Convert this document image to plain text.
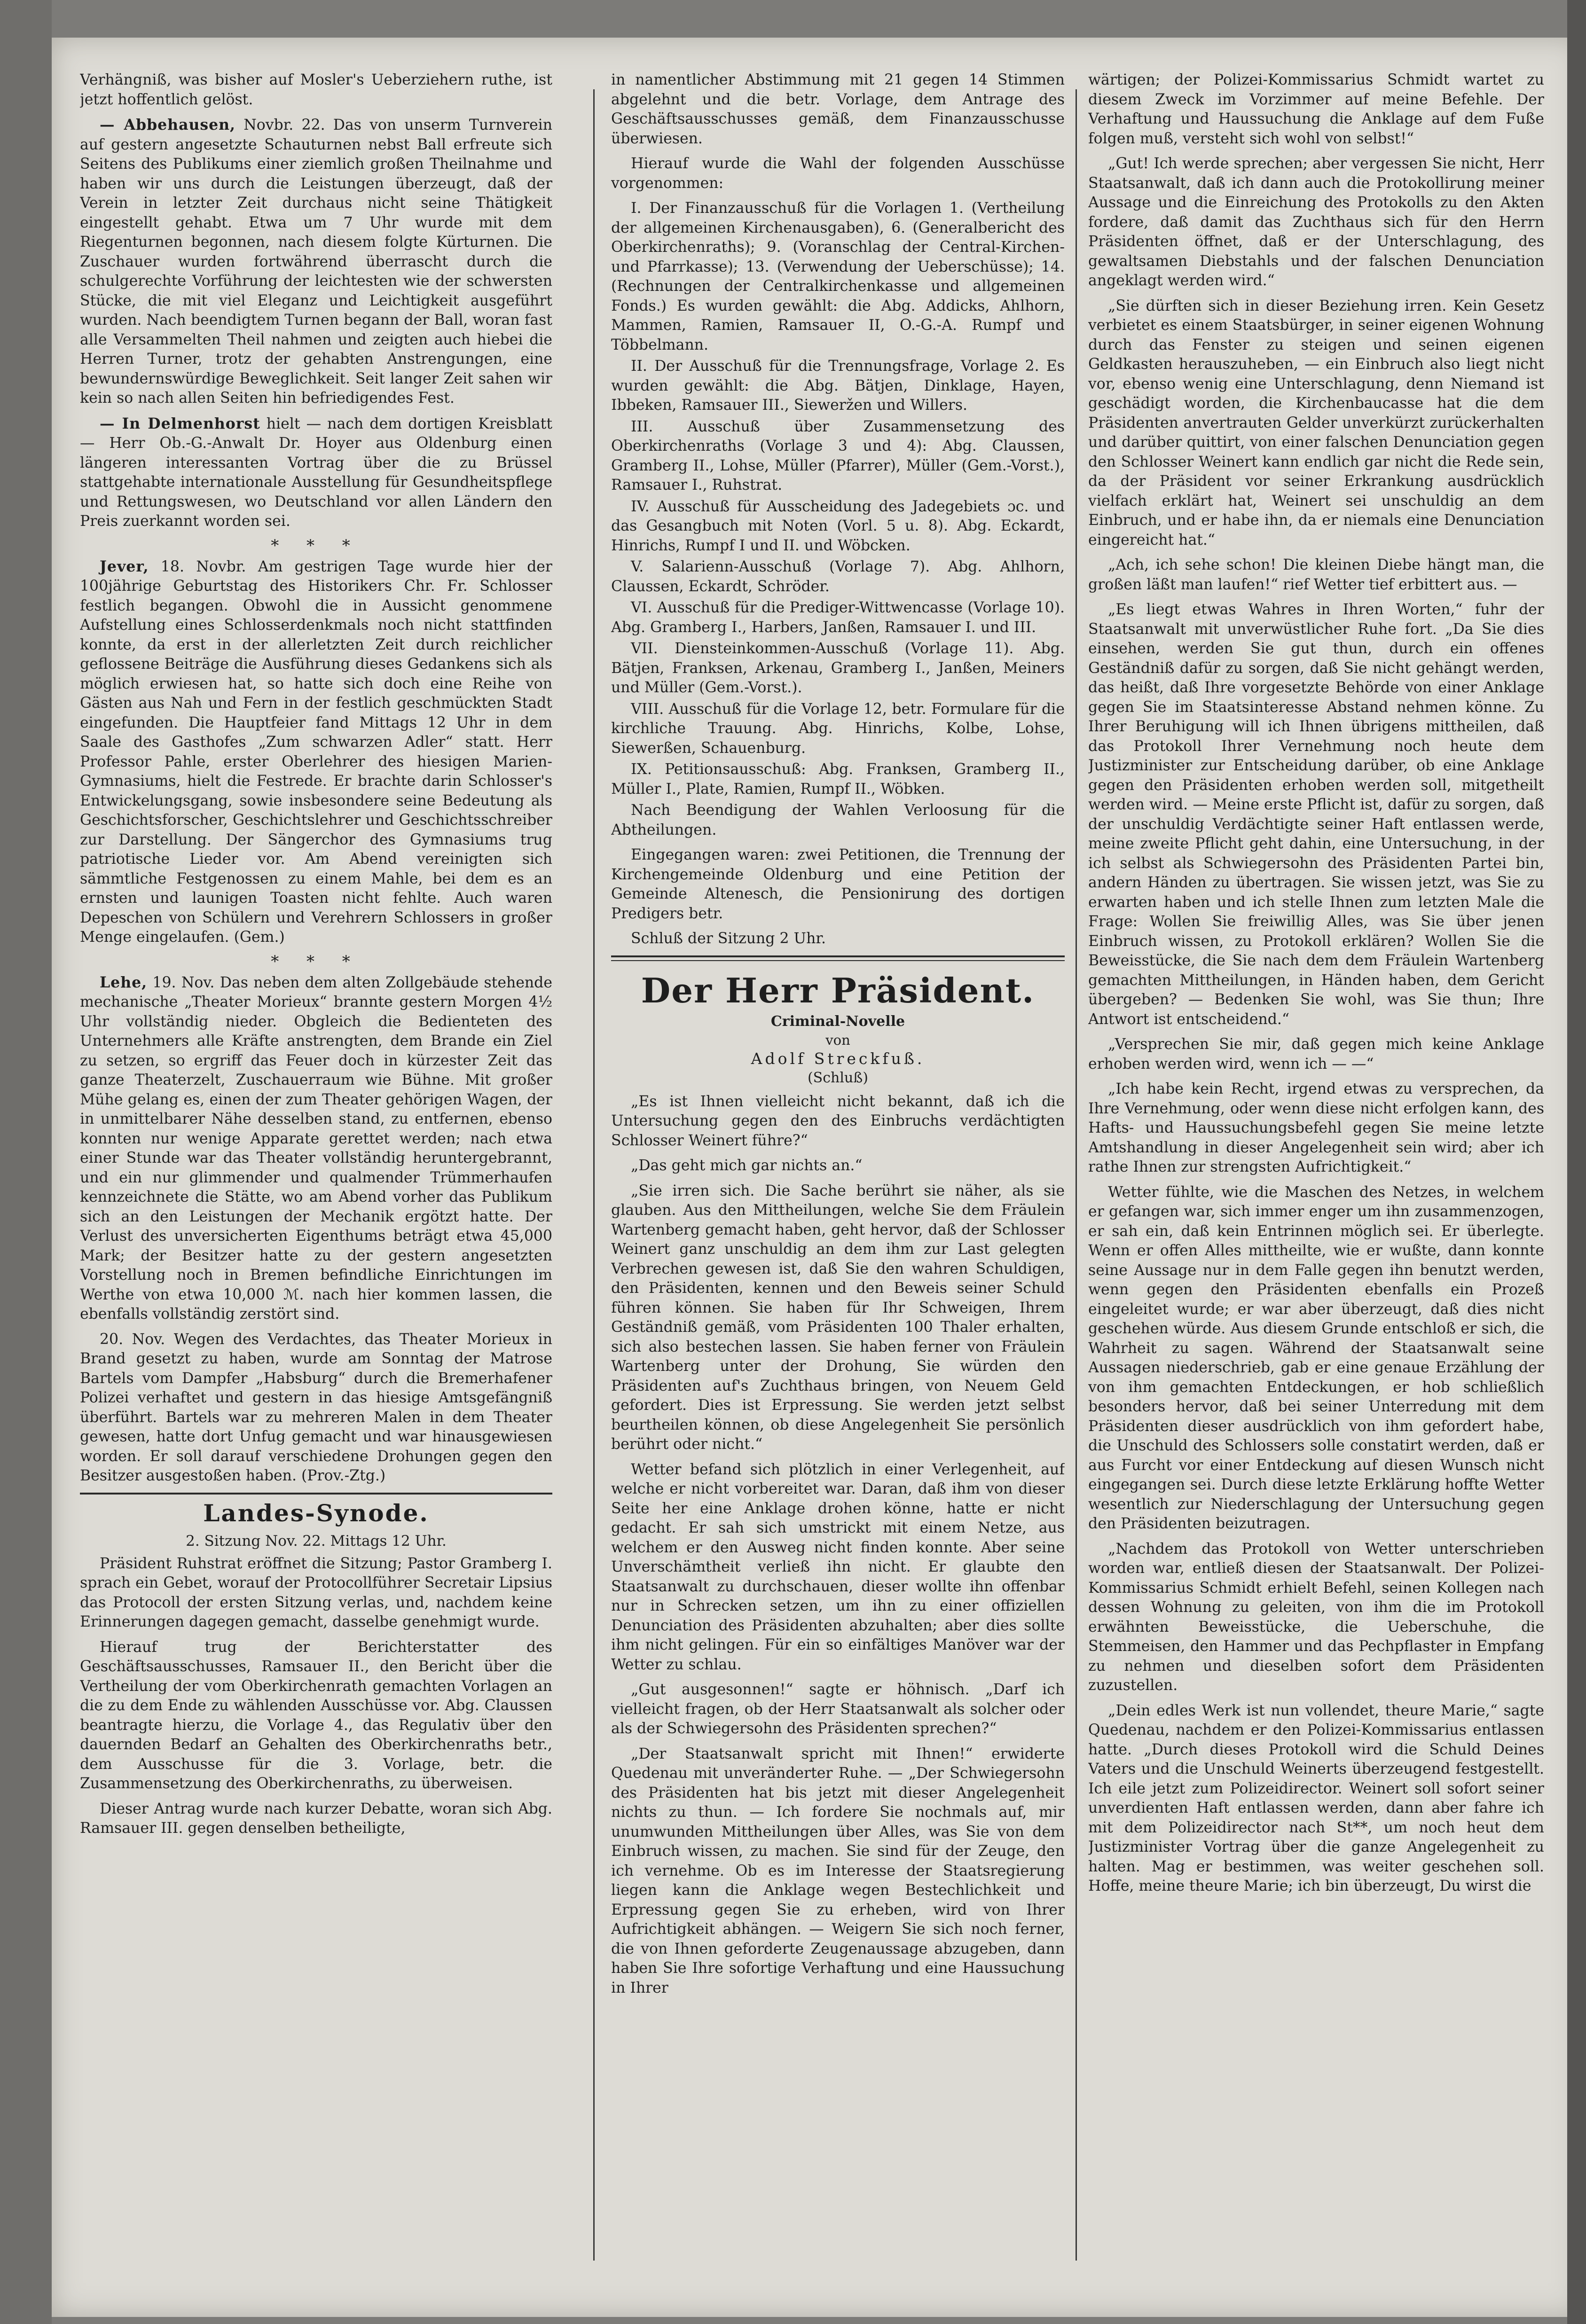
Verhängniß, was bisher auf Mosler's Ueberziehern ruthe, ist jetzt hoffentlich gelöst.

— Abbehausen, Novbr. 22. Das von unserm Turnverein auf gestern angesetzte Schauturnen nebst Ball erfreute sich Seitens des Publikums einer ziemlich großen Theilnahme und haben wir uns durch die Leistungen überzeugt, daß der Verein in letzter Zeit durchaus nicht seine Thätigkeit eingestellt gehabt. Etwa um 7 Uhr wurde mit dem Riegenturnen begonnen, nach diesem folgte Kürturnen. Die Zuschauer wurden fortwährend überrascht durch die schulgerechte Vorführung der leichtesten wie der schwersten Stücke, die mit viel Eleganz und Leichtigkeit ausgeführt wurden. Nach beendigtem Turnen begann der Ball, woran fast alle Versammelten Theil nahmen und zeigten auch hiebei die Herren Turner, trotz der gehabten Anstrengungen, eine bewundernswürdige Beweglichkeit. Seit langer Zeit sahen wir kein so nach allen Seiten hin befriedigendes Fest.

— In Delmenhorst hielt — nach dem dortigen Kreisblatt — Herr Ob.-G.-Anwalt Dr. Hoyer aus Oldenburg einen längeren interessanten Vortrag über die zu Brüssel stattgehabte internationale Ausstellung für Gesundheitspflege und Rettungswesen, wo Deutschland vor allen Ländern den Preis zuerkannt worden sei.

* * *

Jever, 18. Novbr. Am gestrigen Tage wurde hier der 100jährige Geburtstag des Historikers Chr. Fr. Schlosser festlich begangen. Obwohl die in Aussicht genommene Aufstellung eines Schlosserdenkmals noch nicht stattfinden konnte, da erst in der allerletzten Zeit durch reichlicher geflossene Beiträge die Ausführung dieses Gedankens sich als möglich erwiesen hat, so hatte sich doch eine Reihe von Gästen aus Nah und Fern in der festlich geschmückten Stadt eingefunden. Die Hauptfeier fand Mittags 12 Uhr in dem Saale des Gasthofes „Zum schwarzen Adler“ statt. Herr Professor Pahle, erster Oberlehrer des hiesigen Marien-Gymnasiums, hielt die Festrede. Er brachte darin Schlosser's Entwickelungsgang, sowie insbesondere seine Bedeutung als Geschichtsforscher, Geschichtslehrer und Geschichtsschreiber zur Darstellung. Der Sängerchor des Gymnasiums trug patriotische Lieder vor. Am Abend vereinigten sich sämmtliche Festgenossen zu einem Mahle, bei dem es an ernsten und launigen Toasten nicht fehlte. Auch waren Depeschen von Schülern und Verehrern Schlossers in großer Menge eingelaufen. (Gem.)

* * *

Lehe, 19. Nov. Das neben dem alten Zollgebäude stehende mechanische „Theater Morieux“ brannte gestern Morgen 4½ Uhr vollständig nieder. Obgleich die Bedienteten des Unternehmers alle Kräfte anstrengten, dem Brande ein Ziel zu setzen, so ergriff das Feuer doch in kürzester Zeit das ganze Theaterzelt, Zuschauerraum wie Bühne. Mit großer Mühe gelang es, einen der zum Theater gehörigen Wagen, der in unmittelbarer Nähe desselben stand, zu entfernen, ebenso konnten nur wenige Apparate gerettet werden; nach etwa einer Stunde war das Theater vollständig heruntergebrannt, und ein nur glimmender und qualmender Trümmerhaufen kennzeichnete die Stätte, wo am Abend vorher das Publikum sich an den Leistungen der Mechanik ergötzt hatte. Der Verlust des unversicherten Eigenthums beträgt etwa 45,000 Mark; der Besitzer hatte zu der gestern angesetzten Vorstellung noch in Bremen befindliche Einrichtungen im Werthe von etwa 10,000 ℳ. nach hier kommen lassen, die ebenfalls vollständig zerstört sind.

20. Nov. Wegen des Verdachtes, das Theater Morieux in Brand gesetzt zu haben, wurde am Sonntag der Matrose Bartels vom Dampfer „Habsburg“ durch die Bremerhafener Polizei verhaftet und gestern in das hiesige Amtsgefängniß überführt. Bartels war zu mehreren Malen in dem Theater gewesen, hatte dort Unfug gemacht und war hinausgewiesen worden. Er soll darauf verschiedene Drohungen gegen den Besitzer ausgestoßen haben. (Prov.-Ztg.)

Landes-Synode.
2. Sitzung Nov. 22. Mittags 12 Uhr.

Präsident Ruhstrat eröffnet die Sitzung; Pastor Gramberg I. sprach ein Gebet, worauf der Protocollführer Secretair Lipsius das Protocoll der ersten Sitzung verlas, und, nachdem keine Erinnerungen dagegen gemacht, dasselbe genehmigt wurde.

Hierauf trug der Berichterstatter des Geschäftsausschusses, Ramsauer II., den Bericht über die Vertheilung der vom Oberkirchenrath gemachten Vorlagen an die zu dem Ende zu wählenden Ausschüsse vor. Abg. Claussen beantragte hierzu, die Vorlage 4., das Regulativ über den dauernden Bedarf an Gehalten des Oberkirchenraths betr., dem Ausschusse für die 3. Vorlage, betr. die Zusammensetzung des Oberkirchenraths, zu überweisen.

Dieser Antrag wurde nach kurzer Debatte, woran sich Abg. Ramsauer III. gegen denselben betheiligte,

in namentlicher Abstimmung mit 21 gegen 14 Stimmen abgelehnt und die betr. Vorlage, dem Antrage des Geschäftsausschusses gemäß, dem Finanzausschusse überwiesen.

Hierauf wurde die Wahl der folgenden Ausschüsse vorgenommen:

I. Der Finanzausschuß für die Vorlagen 1. (Vertheilung der allgemeinen Kirchenausgaben), 6. (Generalbericht des Oberkirchenraths); 9. (Voranschlag der Central-Kirchen- und Pfarrkasse); 13. (Verwendung der Ueberschüsse); 14. (Rechnungen der Centralkirchenkasse und allgemeinen Fonds.) Es wurden gewählt: die Abg. Addicks, Ahlhorn, Mammen, Ramien, Ramsauer II, O.-G.-A. Rumpf und Többelmann.

II. Der Ausschuß für die Trennungsfrage, Vorlage 2. Es wurden gewählt: die Abg. Bätjen, Dinklage, Hayen, Ibbeken, Ramsauer III., Sieweržen und Willers.

III. Ausschuß über Zusammensetzung des Oberkirchenraths (Vorlage 3 und 4): Abg. Claussen, Gramberg II., Lohse, Müller (Pfarrer), Müller (Gem.-Vorst.), Ramsauer I., Ruhstrat.

IV. Ausschuß für Ausscheidung des Jadegebiets ɔc. und das Gesangbuch mit Noten (Vorl. 5 u. 8). Abg. Eckardt, Hinrichs, Rumpf I und II. und Wöbcken.

V. Salarienn-Ausschuß (Vorlage 7). Abg. Ahlhorn, Claussen, Eckardt, Schröder.

VI. Ausschuß für die Prediger-Wittwencasse (Vorlage 10). Abg. Gramberg I., Harbers, Janßen, Ramsauer I. und III.

VII. Diensteinkommen-Ausschuß (Vorlage 11). Abg. Bätjen, Franksen, Arkenau, Gramberg I., Janßen, Meiners und Müller (Gem.-Vorst.).

VIII. Ausschuß für die Vorlage 12, betr. Formulare für die kirchliche Trauung. Abg. Hinrichs, Kolbe, Lohse, Siewerßen, Schauenburg.

IX. Petitionsausschuß: Abg. Franksen, Gramberg II., Müller I., Plate, Ramien, Rumpf II., Wöbken.

Nach Beendigung der Wahlen Verloosung für die Abtheilungen.

Eingegangen waren: zwei Petitionen, die Trennung der Kirchengemeinde Oldenburg und eine Petition der Gemeinde Altenesch, die Pensionirung des dortigen Predigers betr.

Schluß der Sitzung 2 Uhr.

Der Herr Präsident.
Criminal-Novelle
von
Adolf Streckfuß.
(Schluß)

„Es ist Ihnen vielleicht nicht bekannt, daß ich die Untersuchung gegen den des Einbruchs verdächtigten Schlosser Weinert führe?“

„Das geht mich gar nichts an.“

„Sie irren sich. Die Sache berührt sie näher, als sie glauben. Aus den Mittheilungen, welche Sie dem Fräulein Wartenberg gemacht haben, geht hervor, daß der Schlosser Weinert ganz unschuldig an dem ihm zur Last gelegten Verbrechen gewesen ist, daß Sie den wahren Schuldigen, den Präsidenten, kennen und den Beweis seiner Schuld führen können. Sie haben für Ihr Schweigen, Ihrem Geständniß gemäß, vom Präsidenten 100 Thaler erhalten, sich also bestechen lassen. Sie haben ferner von Fräulein Wartenberg unter der Drohung, Sie würden den Präsidenten auf's Zuchthaus bringen, von Neuem Geld gefordert. Dies ist Erpressung. Sie werden jetzt selbst beurtheilen können, ob diese Angelegenheit Sie persönlich berührt oder nicht.“

Wetter befand sich plötzlich in einer Verlegenheit, auf welche er nicht vorbereitet war. Daran, daß ihm von dieser Seite her eine Anklage drohen könne, hatte er nicht gedacht. Er sah sich umstrickt mit einem Netze, aus welchem er den Ausweg nicht finden konnte. Aber seine Unverschämtheit verließ ihn nicht. Er glaubte den Staatsanwalt zu durchschauen, dieser wollte ihn offenbar nur in Schrecken setzen, um ihn zu einer offiziellen Denunciation des Präsidenten abzuhalten; aber dies sollte ihm nicht gelingen. Für ein so einfältiges Manöver war der Wetter zu schlau.

„Gut ausgesonnen!“ sagte er höhnisch. „Darf ich vielleicht fragen, ob der Herr Staatsanwalt als solcher oder als der Schwiegersohn des Präsidenten sprechen?“

„Der Staatsanwalt spricht mit Ihnen!“ erwiderte Quedenau mit unveränderter Ruhe. — „Der Schwiegersohn des Präsidenten hat bis jetzt mit dieser Angelegenheit nichts zu thun. — Ich fordere Sie nochmals auf, mir unumwunden Mittheilungen über Alles, was Sie von dem Einbruch wissen, zu machen. Sie sind für der Zeuge, den ich vernehme. Ob es im Interesse der Staatsregierung liegen kann die Anklage wegen Bestechlichkeit und Erpressung gegen Sie zu erheben, wird von Ihrer Aufrichtigkeit abhängen. — Weigern Sie sich noch ferner, die von Ihnen geforderte Zeugenaussage abzugeben, dann haben Sie Ihre sofortige Verhaftung und eine Haussuchung in Ihrer

wärtigen; der Polizei-Kommissarius Schmidt wartet zu diesem Zweck im Vorzimmer auf meine Befehle. Der Verhaftung und Haussuchung die Anklage auf dem Fuße folgen muß, versteht sich wohl von selbst!“

„Gut! Ich werde sprechen; aber vergessen Sie nicht, Herr Staatsanwalt, daß ich dann auch die Protokollirung meiner Aussage und die Einreichung des Protokolls zu den Akten fordere, daß damit das Zuchthaus sich für den Herrn Präsidenten öffnet, daß er der Unterschlagung, des gewaltsamen Diebstahls und der falschen Denunciation angeklagt werden wird.“

„Sie dürften sich in dieser Beziehung irren. Kein Gesetz verbietet es einem Staatsbürger, in seiner eigenen Wohnung durch das Fenster zu steigen und seinen eigenen Geldkasten herauszuheben, — ein Einbruch also liegt nicht vor, ebenso wenig eine Unterschlagung, denn Niemand ist geschädigt worden, die Kirchenbaucasse hat die dem Präsidenten anvertrauten Gelder unverkürzt zurückerhalten und darüber quittirt, von einer falschen Denunciation gegen den Schlosser Weinert kann endlich gar nicht die Rede sein, da der Präsident vor seiner Erkrankung ausdrücklich vielfach erklärt hat, Weinert sei unschuldig an dem Einbruch, und er habe ihn, da er niemals eine Denunciation eingereicht hat.“

„Ach, ich sehe schon! Die kleinen Diebe hängt man, die großen läßt man laufen!“ rief Wetter tief erbittert aus. —

„Es liegt etwas Wahres in Ihren Worten,“ fuhr der Staatsanwalt mit unverwüstlicher Ruhe fort. „Da Sie dies einsehen, werden Sie gut thun, durch ein offenes Geständniß dafür zu sorgen, daß Sie nicht gehängt werden, das heißt, daß Ihre vorgesetzte Behörde von einer Anklage gegen Sie im Staatsinteresse Abstand nehmen könne. Zu Ihrer Beruhigung will ich Ihnen übrigens mittheilen, daß das Protokoll Ihrer Vernehmung noch heute dem Justizminister zur Entscheidung darüber, ob eine Anklage gegen den Präsidenten erhoben werden soll, mitgetheilt werden wird. — Meine erste Pflicht ist, dafür zu sorgen, daß der unschuldig Verdächtigte seiner Haft entlassen werde, meine zweite Pflicht geht dahin, eine Untersuchung, in der ich selbst als Schwiegersohn des Präsidenten Partei bin, andern Händen zu übertragen. Sie wissen jetzt, was Sie zu erwarten haben und ich stelle Ihnen zum letzten Male die Frage: Wollen Sie freiwillig Alles, was Sie über jenen Einbruch wissen, zu Protokoll erklären? Wollen Sie die Beweisstücke, die Sie nach dem dem Fräulein Wartenberg gemachten Mittheilungen, in Händen haben, dem Gericht übergeben? — Bedenken Sie wohl, was Sie thun; Ihre Antwort ist entscheidend.“

„Versprechen Sie mir, daß gegen mich keine Anklage erhoben werden wird, wenn ich — —“

„Ich habe kein Recht, irgend etwas zu versprechen, da Ihre Vernehmung, oder wenn diese nicht erfolgen kann, des Hafts- und Haussuchungsbefehl gegen Sie meine letzte Amtshandlung in dieser Angelegenheit sein wird; aber ich rathe Ihnen zur strengsten Aufrichtigkeit.“

Wetter fühlte, wie die Maschen des Netzes, in welchem er gefangen war, sich immer enger um ihn zusammenzogen, er sah ein, daß kein Entrinnen möglich sei. Er überlegte. Wenn er offen Alles mittheilte, wie er wußte, dann konnte seine Aussage nur in dem Falle gegen ihn benutzt werden, wenn gegen den Präsidenten ebenfalls ein Prozeß eingeleitet wurde; er war aber überzeugt, daß dies nicht geschehen würde. Aus diesem Grunde entschloß er sich, die Wahrheit zu sagen. Während der Staatsanwalt seine Aussagen niederschrieb, gab er eine genaue Erzählung der von ihm gemachten Entdeckungen, er hob schließlich besonders hervor, daß bei seiner Unterredung mit dem Präsidenten dieser ausdrücklich von ihm gefordert habe, die Unschuld des Schlossers solle constatirt werden, daß er aus Furcht vor einer Entdeckung auf diesen Wunsch nicht eingegangen sei. Durch diese letzte Erklärung hoffte Wetter wesentlich zur Niederschlagung der Untersuchung gegen den Präsidenten beizutragen.

„Nachdem das Protokoll von Wetter unterschrieben worden war, entließ diesen der Staatsanwalt. Der Polizei-Kommissarius Schmidt erhielt Befehl, seinen Kollegen nach dessen Wohnung zu geleiten, von ihm die im Protokoll erwähnten Beweisstücke, die Ueberschuhe, die Stemmeisen, den Hammer und das Pechpflaster in Empfang zu nehmen und dieselben sofort dem Präsidenten zuzustellen.

„Dein edles Werk ist nun vollendet, theure Marie,“ sagte Quedenau, nachdem er den Polizei-Kommissarius entlassen hatte. „Durch dieses Protokoll wird die Schuld Deines Vaters und die Unschuld Weinerts überzeugend festgestellt. Ich eile jetzt zum Polizeidirector. Weinert soll sofort seiner unverdienten Haft entlassen werden, dann aber fahre ich mit dem Polizeidirector nach St**, um noch heut dem Justizminister Vortrag über die ganze Angelegenheit zu halten. Mag er bestimmen, was weiter geschehen soll. Hoffe, meine theure Marie; ich bin überzeugt, Du wirst die
